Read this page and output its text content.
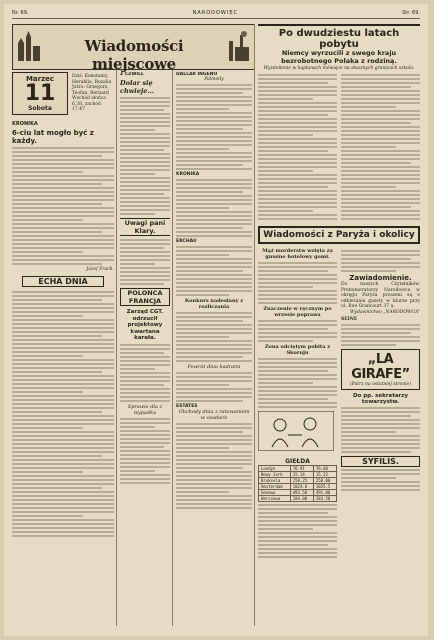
Nr. 69.	NARODOWIEC	Str. 69.
Wiadomości miejscowe
Marzec
11
Sobota
Dziś: Konstanty, Heraklia, Rozalia
Jutro: Grzegorz, Teofan, Bernard
Wschód słońca 6.38, zachód 17.47
KRONIKA
6-ciu lat mogło być z każdy.
Józef Frach.
ECHA DNIA
Z CZWILL
Dolar się chwieje...
Uwagi pani Klary.
POLONCA FRANCJA
Zarząd CGT. odrzucił projektowy kwartana karała.
Sprawie dla z wypadku
DALLAR INGENO
Palmedy
KRONIKA
ERCHAU
Konkurs nadesłany z rozliczania
Powrót dnia kadrami
ESTATES
Obchody dnia z ratowaniem w osadach
Po dwudziestu latach pobytu
Niemcy wyrzucili z swego kraju bezrobotnego Polaka z rodziną.
Wyzdolienie w kajdanach mówiące na słusznych granicach szkola.
Wiadomości z Paryża i okolicy
Mąż morderstw wzięta za gnuśne hotelowy gomi.
Znaczenie w ręcznym po wrzesie poprawa
Zona odciętym pobita z Skoruju
GIEŁDA
Londyn	76.91	76.60
Nowy Jork	15.14	15.22
Bruksela	258.25	258.00
Amsterdam	1024.0	1025.5
Genewa	493.50	491.00
Warszawa	284.00	283.50
Zawiadomienie.
Do naszych Czytelników. Prenumeratorzy Narodowca w okręgu Paryża proszeni są o odbieranie gazety w biurze przy ul. Rue Grancourt 37 a.
Wydawnictwo „NARODOWCA”
SEINE
„LA GIRAFE”
(Patrz na ostatniej stronie)
Do pp. sekretarzy towarzystw.
SYFILIS.
